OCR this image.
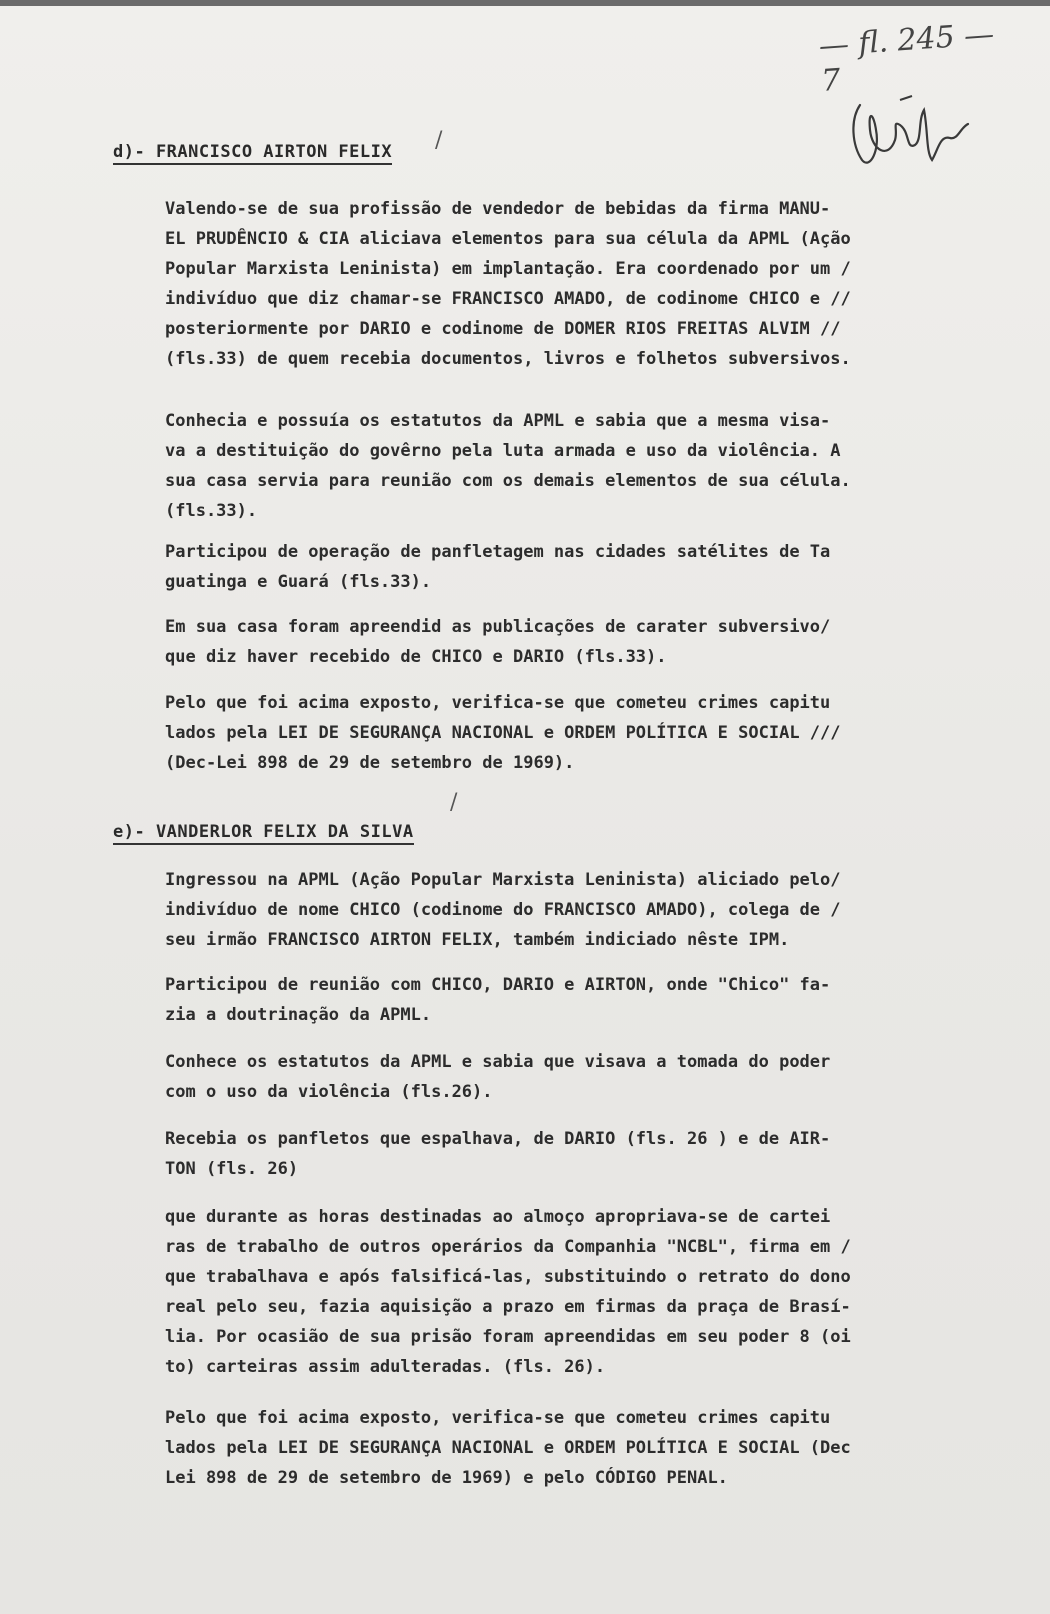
— fl. 245 — 7
d)- FRANCISCO AIRTON FELIX /

Valendo-se de sua profissão de vendedor de bebidas da firma MANU-
EL PRUDÊNCIO & CIA aliciava elementos para sua célula da APML (Ação
Popular Marxista Leninista) em implantação. Era coordenado por um /
indivíduo que diz chamar-se FRANCISCO AMADO, de codinome CHICO e //
posteriormente por DARIO e codinome de DOMER RIOS FREITAS ALVIM //
(fls.33) de quem recebia documentos, livros e folhetos subversivos.

Conhecia e possuía os estatutos da APML e sabia que a mesma visa-
va a destituição do govêrno pela luta armada e uso da violência. A
sua casa servia para reunião com os demais elementos de sua célula.
(fls.33).

Participou de operação de panfletagem nas cidades satélites de Ta
guatinga e Guará (fls.33).

Em sua casa foram apreendid as publicações de carater subversivo/
que diz haver recebido de CHICO e DARIO (fls.33).

Pelo que foi acima exposto, verifica-se que cometeu crimes capitu
lados pela LEI DE SEGURANÇA NACIONAL e ORDEM POLÍTICA E SOCIAL ///
(Dec-Lei 898 de 29 de setembro de 1969).

/
e)- VANDERLOR FELIX DA SILVA

Ingressou na APML (Ação Popular Marxista Leninista) aliciado pelo/
indivíduo de nome CHICO (codinome do FRANCISCO AMADO), colega de /
seu irmão FRANCISCO AIRTON FELIX, também indiciado nêste IPM.

Participou de reunião com CHICO, DARIO e AIRTON, onde "Chico" fa-
zia a doutrinação da APML.

Conhece os estatutos da APML e sabia que visava a tomada do poder
com o uso da violência (fls.26).

Recebia os panfletos que espalhava, de DARIO (fls. 26 ) e de AIR-
TON (fls. 26)

que durante as horas destinadas ao almoço apropriava-se de cartei
ras de trabalho de outros operários da Companhia "NCBL", firma em /
que trabalhava e após falsificá-las, substituindo o retrato do dono
real pelo seu, fazia aquisição a prazo em firmas da praça de Brasí-
lia. Por ocasião de sua prisão foram apreendidas em seu poder 8 (oi
to) carteiras assim adulteradas. (fls. 26).

Pelo que foi acima exposto, verifica-se que cometeu crimes capitu
lados pela LEI DE SEGURANÇA NACIONAL e ORDEM POLÍTICA E SOCIAL (Dec
Lei 898 de 29 de setembro de 1969) e pelo CÓDIGO PENAL.
